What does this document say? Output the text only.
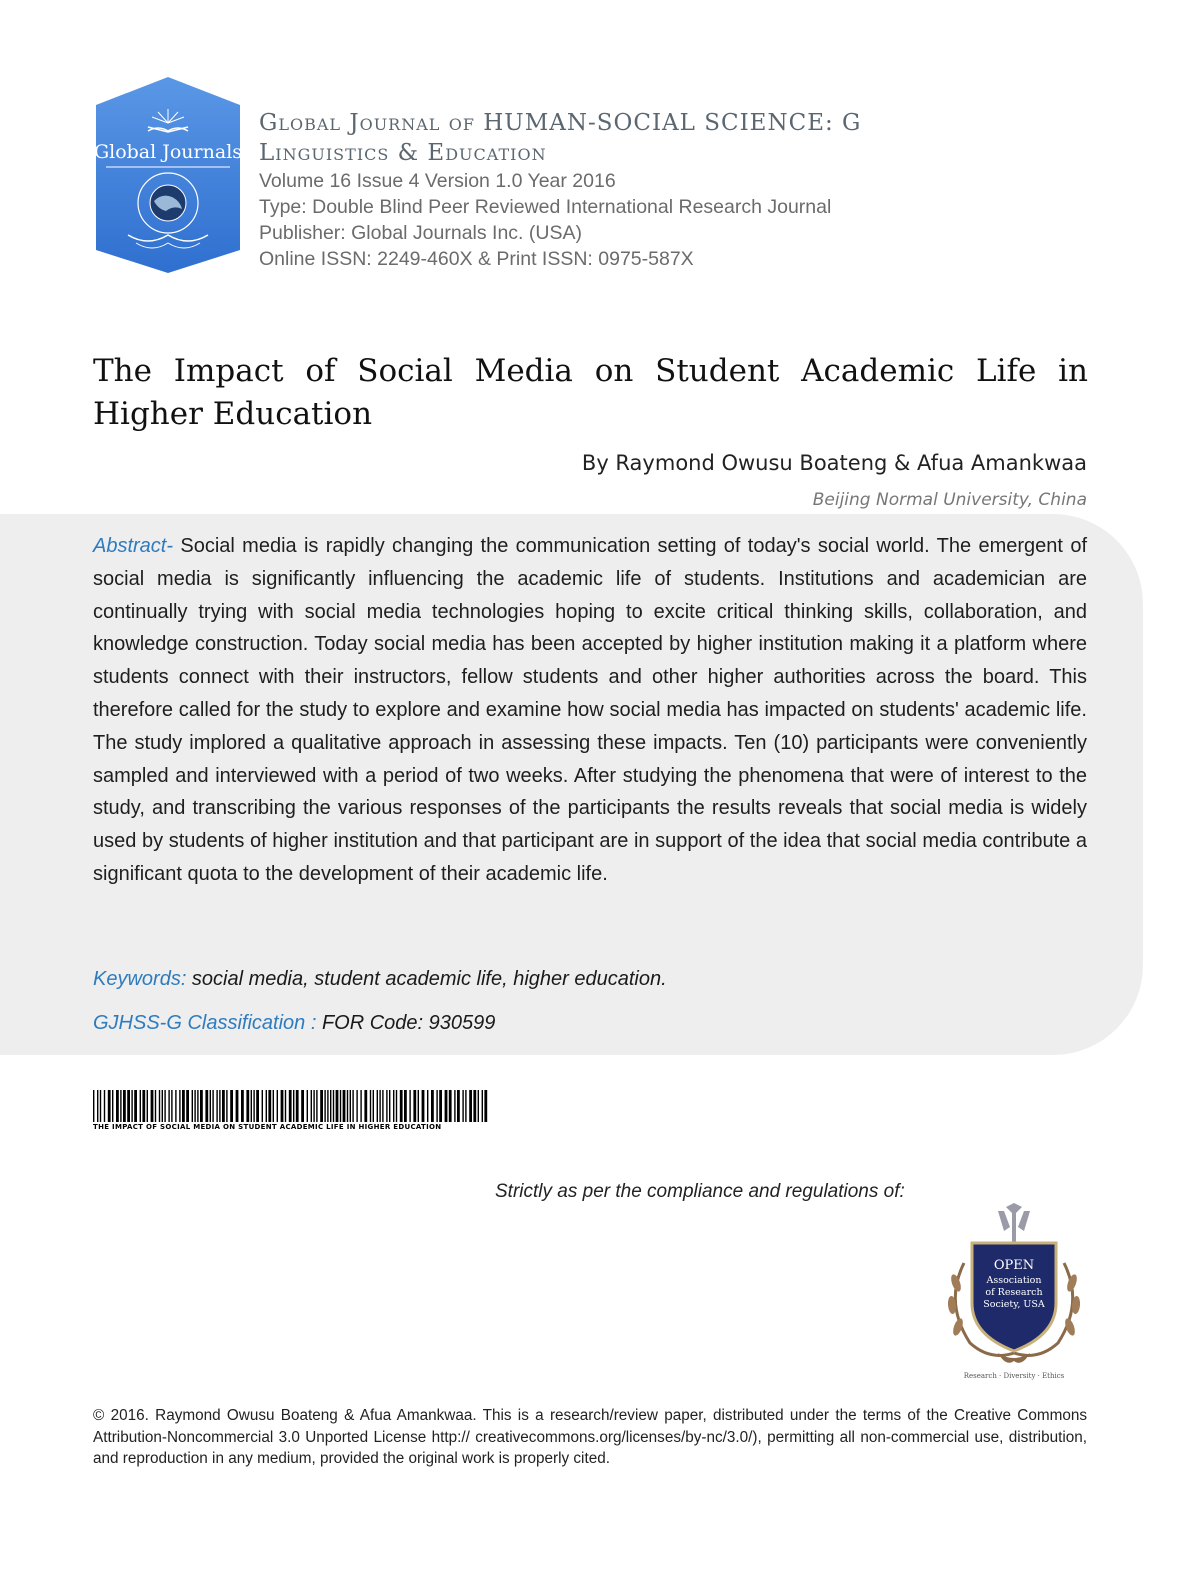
Global Journals
Global Journal of HUMAN-SOCIAL SCIENCE: G
Linguistics & Education
Volume 16 Issue 4 Version 1.0 Year 2016
Type: Double Blind Peer Reviewed International Research Journal
Publisher: Global Journals Inc. (USA)
Online ISSN: 2249-460X & Print ISSN: 0975-587X
The Impact of Social Media on Student Academic Life in Higher Education
By Raymond Owusu Boateng & Afua Amankwaa
Beijing Normal University, China
Abstract- Social media is rapidly changing the communication setting of today's social world. The emergent of social media is significantly influencing the academic life of students. Institutions and academician are continually trying with social media technologies hoping to excite critical thinking skills, collaboration, and knowledge construction. Today social media has been accepted by higher institution making it a platform where students connect with their instructors, fellow students and other higher authorities across the board. This therefore called for the study to explore and examine how social media has impacted on students' academic life. The study implored a qualitative approach in assessing these impacts. Ten (10) participants were conveniently sampled and interviewed with a period of two weeks. After studying the phenomena that were of interest to the study, and transcribing the various responses of the participants the results reveals that social media is widely used by students of higher institution and that participant are in support of the idea that social media contribute a significant quota to the development of their academic life.
Keywords: social media, student academic life, higher education.
GJHSS-G Classification : FOR Code: 930599
THE IMPACT OF SOCIAL MEDIA ON STUDENT ACADEMIC LIFE IN HIGHER EDUCATION
Strictly as per the compliance and regulations of:
OPEN
Association
of Research
Society, USA
Research · Diversity · Ethics
© 2016. Raymond Owusu Boateng & Afua Amankwaa. This is a research/review paper, distributed under the terms of the Creative Commons Attribution-Noncommercial 3.0 Unported License http:// creativecommons.org/licenses/by-nc/3.0/), permitting all non-commercial use, distribution, and reproduction in any medium, provided the original work is properly cited.
